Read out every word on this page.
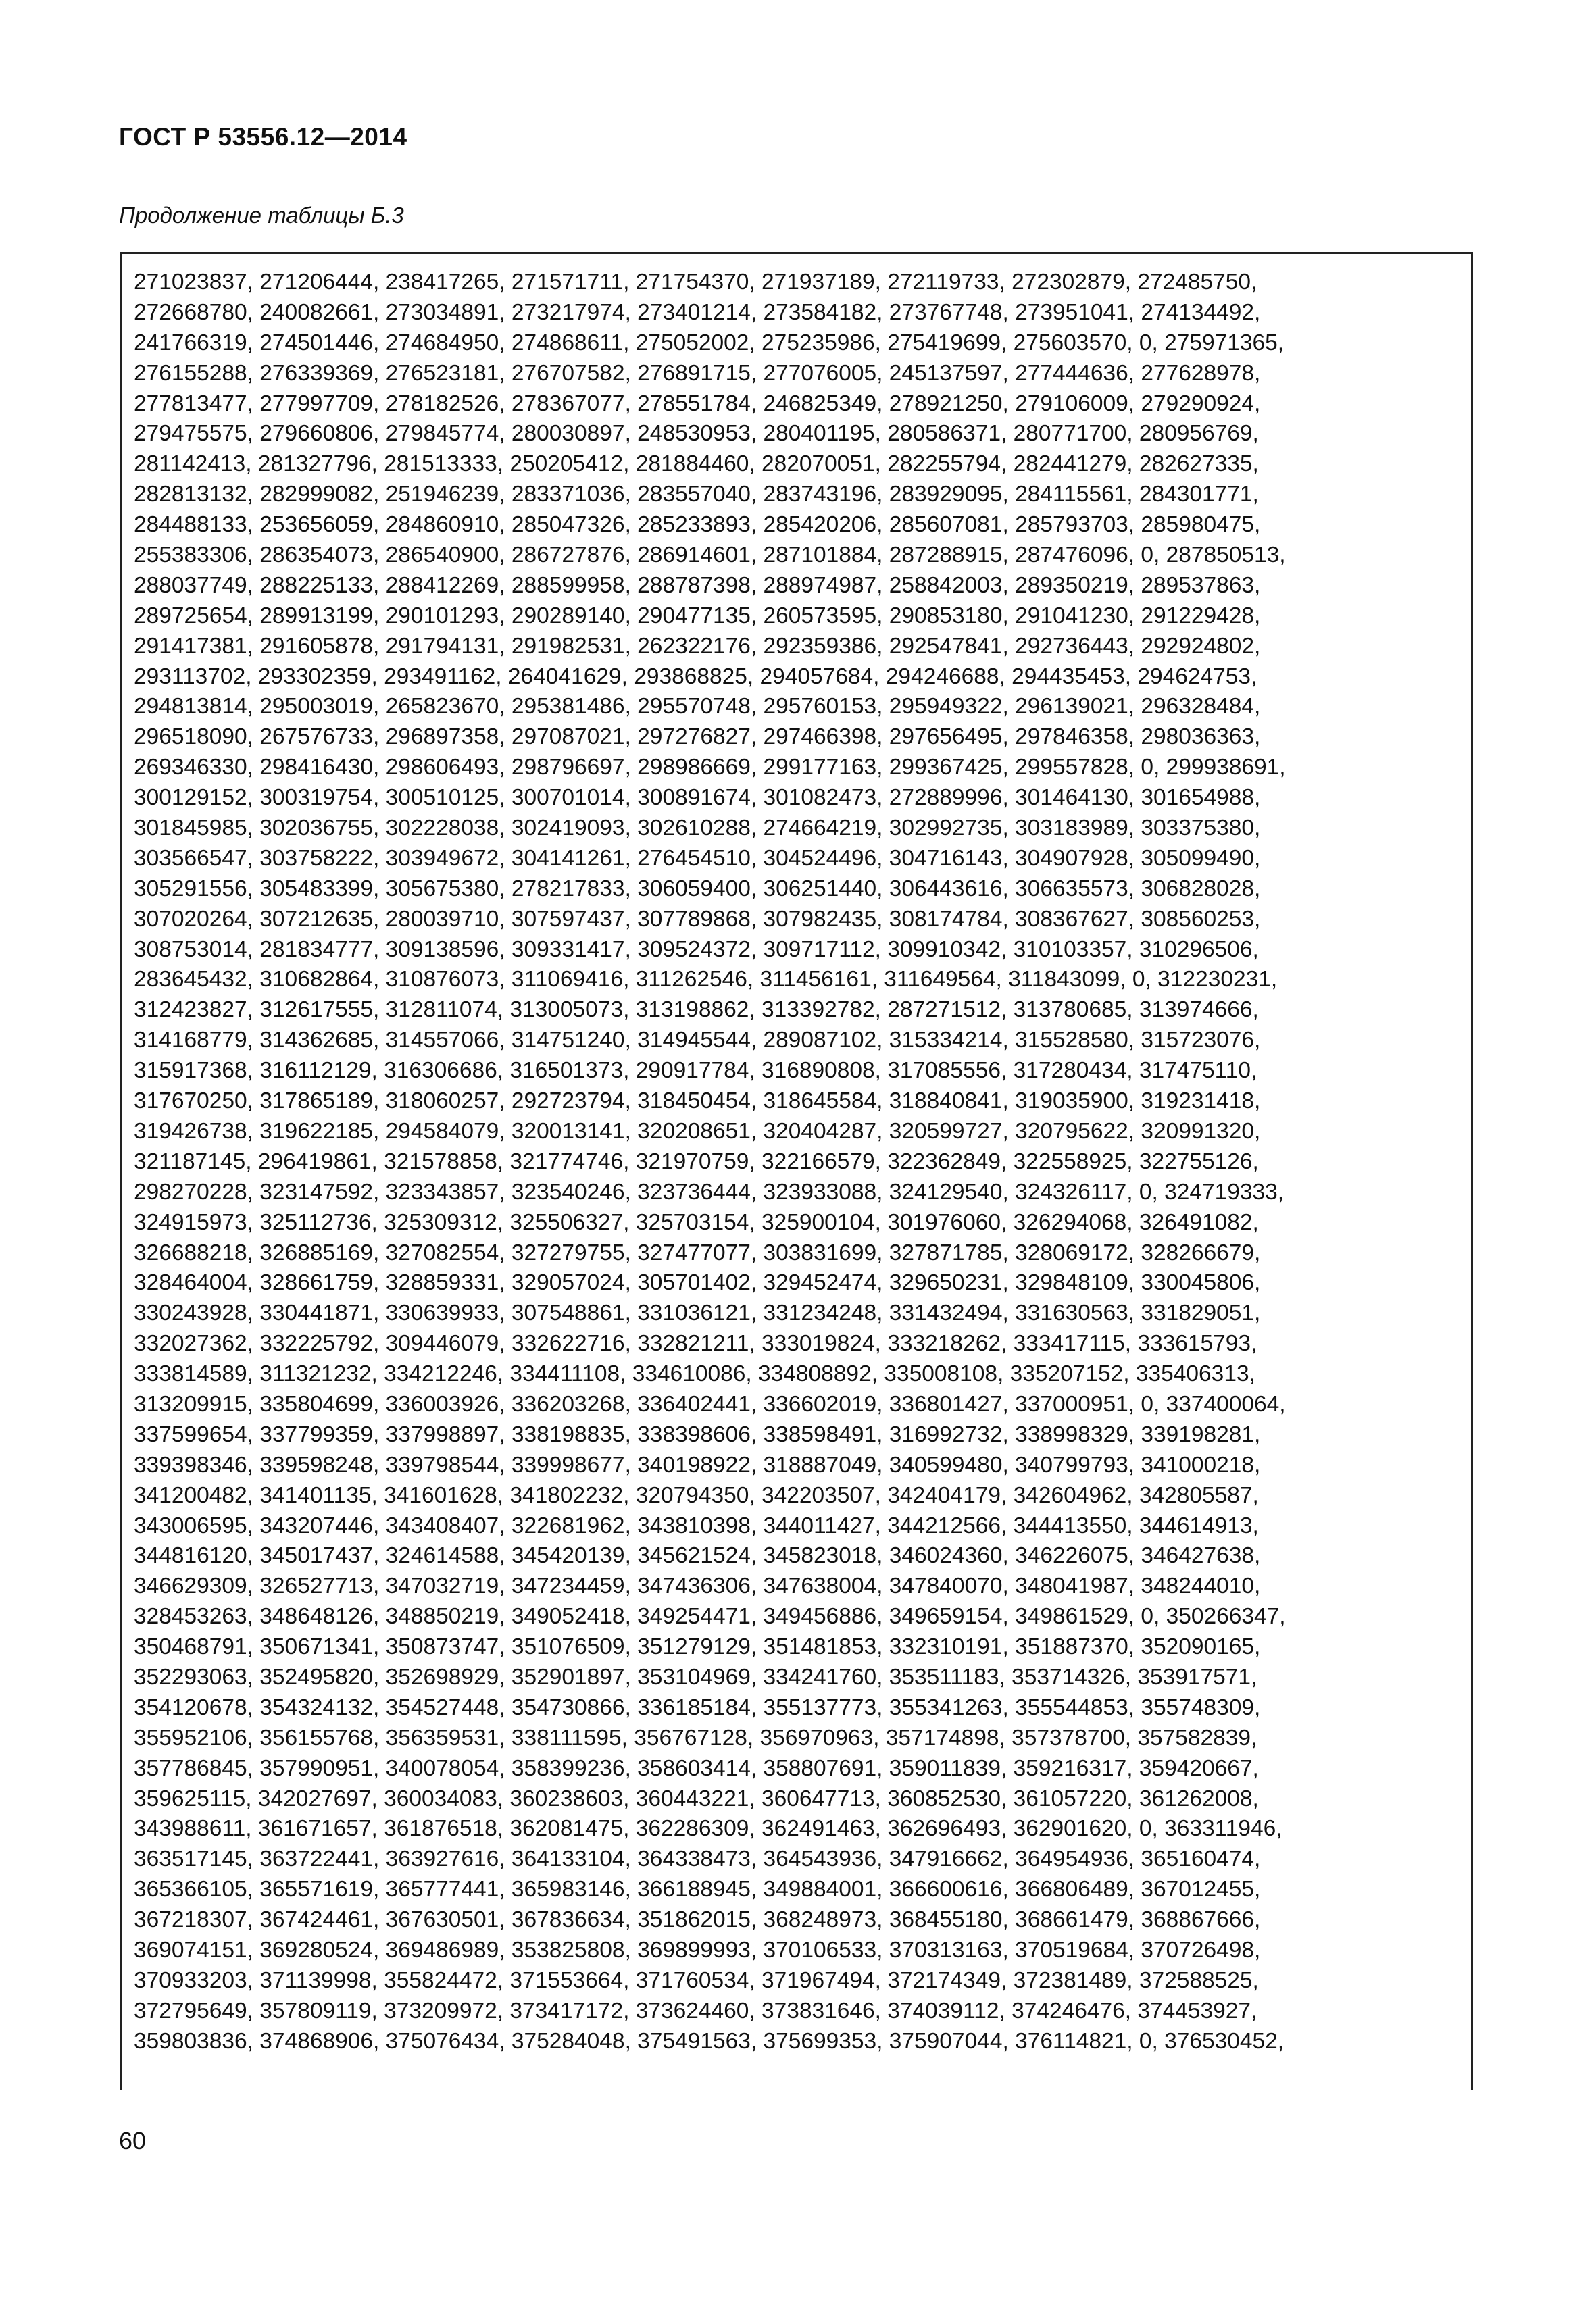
ГОСТ Р 53556.12—2014
Продолжение таблицы Б.3
271023837, 271206444, 238417265, 271571711, 271754370, 271937189, 272119733, 272302879, 272485750,
272668780, 240082661, 273034891, 273217974, 273401214, 273584182, 273767748, 273951041, 274134492,
241766319, 274501446, 274684950, 274868611, 275052002, 275235986, 275419699, 275603570, 0, 275971365,
276155288, 276339369, 276523181, 276707582, 276891715, 277076005, 245137597, 277444636, 277628978,
277813477, 277997709, 278182526, 278367077, 278551784, 246825349, 278921250, 279106009, 279290924,
279475575, 279660806, 279845774, 280030897, 248530953, 280401195, 280586371, 280771700, 280956769,
281142413, 281327796, 281513333, 250205412, 281884460, 282070051, 282255794, 282441279, 282627335,
282813132, 282999082, 251946239, 283371036, 283557040, 283743196, 283929095, 284115561, 284301771,
284488133, 253656059, 284860910, 285047326, 285233893, 285420206, 285607081, 285793703, 285980475,
255383306, 286354073, 286540900, 286727876, 286914601, 287101884, 287288915, 287476096, 0, 287850513,
288037749, 288225133, 288412269, 288599958, 288787398, 288974987, 258842003, 289350219, 289537863,
289725654, 289913199, 290101293, 290289140, 290477135, 260573595, 290853180, 291041230, 291229428,
291417381, 291605878, 291794131, 291982531, 262322176, 292359386, 292547841, 292736443, 292924802,
293113702, 293302359, 293491162, 264041629, 293868825, 294057684, 294246688, 294435453, 294624753,
294813814, 295003019, 265823670, 295381486, 295570748, 295760153, 295949322, 296139021, 296328484,
296518090, 267576733, 296897358, 297087021, 297276827, 297466398, 297656495, 297846358, 298036363,
269346330, 298416430, 298606493, 298796697, 298986669, 299177163, 299367425, 299557828, 0, 299938691,
300129152, 300319754, 300510125, 300701014, 300891674, 301082473, 272889996, 301464130, 301654988,
301845985, 302036755, 302228038, 302419093, 302610288, 274664219, 302992735, 303183989, 303375380,
303566547, 303758222, 303949672, 304141261, 276454510, 304524496, 304716143, 304907928, 305099490,
305291556, 305483399, 305675380, 278217833, 306059400, 306251440, 306443616, 306635573, 306828028,
307020264, 307212635, 280039710, 307597437, 307789868, 307982435, 308174784, 308367627, 308560253,
308753014, 281834777, 309138596, 309331417, 309524372, 309717112, 309910342, 310103357, 310296506,
283645432, 310682864, 310876073, 311069416, 311262546, 311456161, 311649564, 311843099, 0, 312230231,
312423827, 312617555, 312811074, 313005073, 313198862, 313392782, 287271512, 313780685, 313974666,
314168779, 314362685, 314557066, 314751240, 314945544, 289087102, 315334214, 315528580, 315723076,
315917368, 316112129, 316306686, 316501373, 290917784, 316890808, 317085556, 317280434, 317475110,
317670250, 317865189, 318060257, 292723794, 318450454, 318645584, 318840841, 319035900, 319231418,
319426738, 319622185, 294584079, 320013141, 320208651, 320404287, 320599727, 320795622, 320991320,
321187145, 296419861, 321578858, 321774746, 321970759, 322166579, 322362849, 322558925, 322755126,
298270228, 323147592, 323343857, 323540246, 323736444, 323933088, 324129540, 324326117, 0, 324719333,
324915973, 325112736, 325309312, 325506327, 325703154, 325900104, 301976060, 326294068, 326491082,
326688218, 326885169, 327082554, 327279755, 327477077, 303831699, 327871785, 328069172, 328266679,
328464004, 328661759, 328859331, 329057024, 305701402, 329452474, 329650231, 329848109, 330045806,
330243928, 330441871, 330639933, 307548861, 331036121, 331234248, 331432494, 331630563, 331829051,
332027362, 332225792, 309446079, 332622716, 332821211, 333019824, 333218262, 333417115, 333615793,
333814589, 311321232, 334212246, 334411108, 334610086, 334808892, 335008108, 335207152, 335406313,
313209915, 335804699, 336003926, 336203268, 336402441, 336602019, 336801427, 337000951, 0, 337400064,
337599654, 337799359, 337998897, 338198835, 338398606, 338598491, 316992732, 338998329, 339198281,
339398346, 339598248, 339798544, 339998677, 340198922, 318887049, 340599480, 340799793, 341000218,
341200482, 341401135, 341601628, 341802232, 320794350, 342203507, 342404179, 342604962, 342805587,
343006595, 343207446, 343408407, 322681962, 343810398, 344011427, 344212566, 344413550, 344614913,
344816120, 345017437, 324614588, 345420139, 345621524, 345823018, 346024360, 346226075, 346427638,
346629309, 326527713, 347032719, 347234459, 347436306, 347638004, 347840070, 348041987, 348244010,
328453263, 348648126, 348850219, 349052418, 349254471, 349456886, 349659154, 349861529, 0, 350266347,
350468791, 350671341, 350873747, 351076509, 351279129, 351481853, 332310191, 351887370, 352090165,
352293063, 352495820, 352698929, 352901897, 353104969, 334241760, 353511183, 353714326, 353917571,
354120678, 354324132, 354527448, 354730866, 336185184, 355137773, 355341263, 355544853, 355748309,
355952106, 356155768, 356359531, 338111595, 356767128, 356970963, 357174898, 357378700, 357582839,
357786845, 357990951, 340078054, 358399236, 358603414, 358807691, 359011839, 359216317, 359420667,
359625115, 342027697, 360034083, 360238603, 360443221, 360647713, 360852530, 361057220, 361262008,
343988611, 361671657, 361876518, 362081475, 362286309, 362491463, 362696493, 362901620, 0, 363311946,
363517145, 363722441, 363927616, 364133104, 364338473, 364543936, 347916662, 364954936, 365160474,
365366105, 365571619, 365777441, 365983146, 366188945, 349884001, 366600616, 366806489, 367012455,
367218307, 367424461, 367630501, 367836634, 351862015, 368248973, 368455180, 368661479, 368867666,
369074151, 369280524, 369486989, 353825808, 369899993, 370106533, 370313163, 370519684, 370726498,
370933203, 371139998, 355824472, 371553664, 371760534, 371967494, 372174349, 372381489, 372588525,
372795649, 357809119, 373209972, 373417172, 373624460, 373831646, 374039112, 374246476, 374453927,
359803836, 374868906, 375076434, 375284048, 375491563, 375699353, 375907044, 376114821, 0, 376530452,
60
